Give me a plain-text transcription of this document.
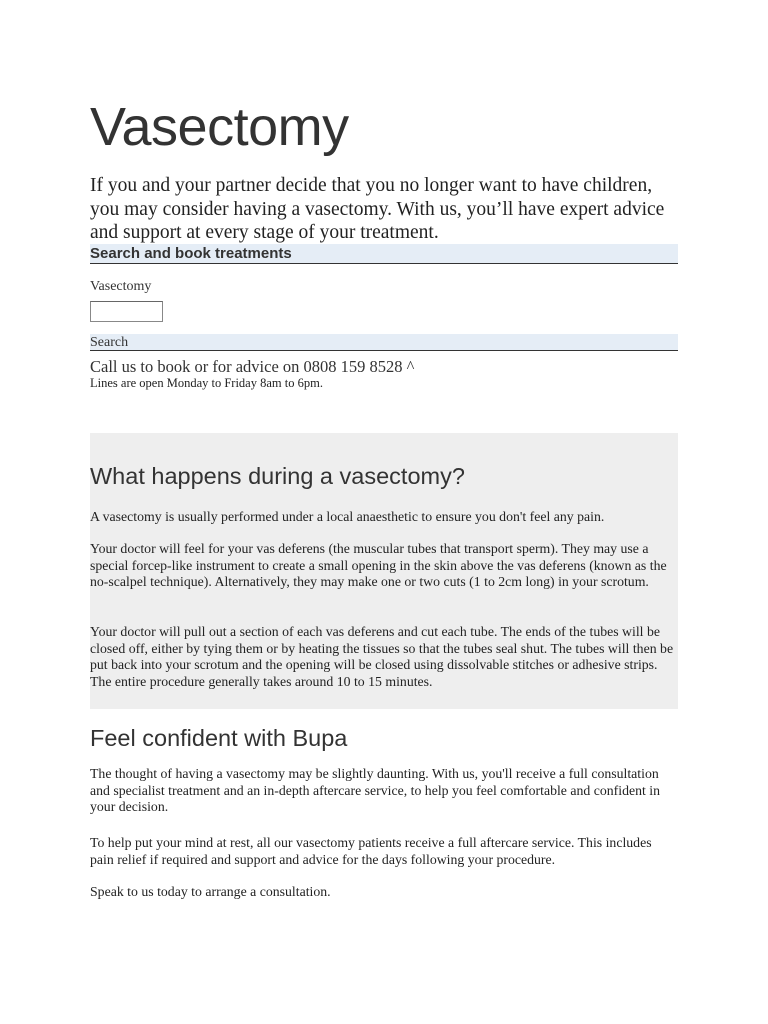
Vasectomy

If you and your partner decide that you no longer want to have children, you may consider having a vasectomy. With us, you’ll have expert advice and support at every stage of your treatment.

Search and book treatments
Vasectomy
Search
Call us to book or for advice on 0808 159 8528 ^
Lines are open Monday to Friday 8am to 6pm.
What happens during a vasectomy?

A vasectomy is usually performed under a local anaesthetic to ensure you don't feel any pain.

Your doctor will feel for your vas deferens (the muscular tubes that transport sperm). They may use a special forcep-like instrument to create a small opening in the skin above the vas deferens (known as the no-scalpel technique). Alternatively, they may make one or two cuts (1 to 2cm long) in your scrotum.

Your doctor will pull out a section of each vas deferens and cut each tube. The ends of the tubes will be closed off, either by tying them or by heating the tissues so that the tubes seal shut. The tubes will then be put back into your scrotum and the opening will be closed using dissolvable stitches or adhesive strips.

The entire procedure generally takes around 10 to 15 minutes.

Feel confident with Bupa

The thought of having a vasectomy may be slightly daunting. With us, you'll receive a full consultation and specialist treatment and an in-depth aftercare service, to help you feel comfortable and confident in your decision.

To help put your mind at rest, all our vasectomy patients receive a full aftercare service. This includes pain relief if required and support and advice for the days following your procedure.

Speak to us today to arrange a consultation.
